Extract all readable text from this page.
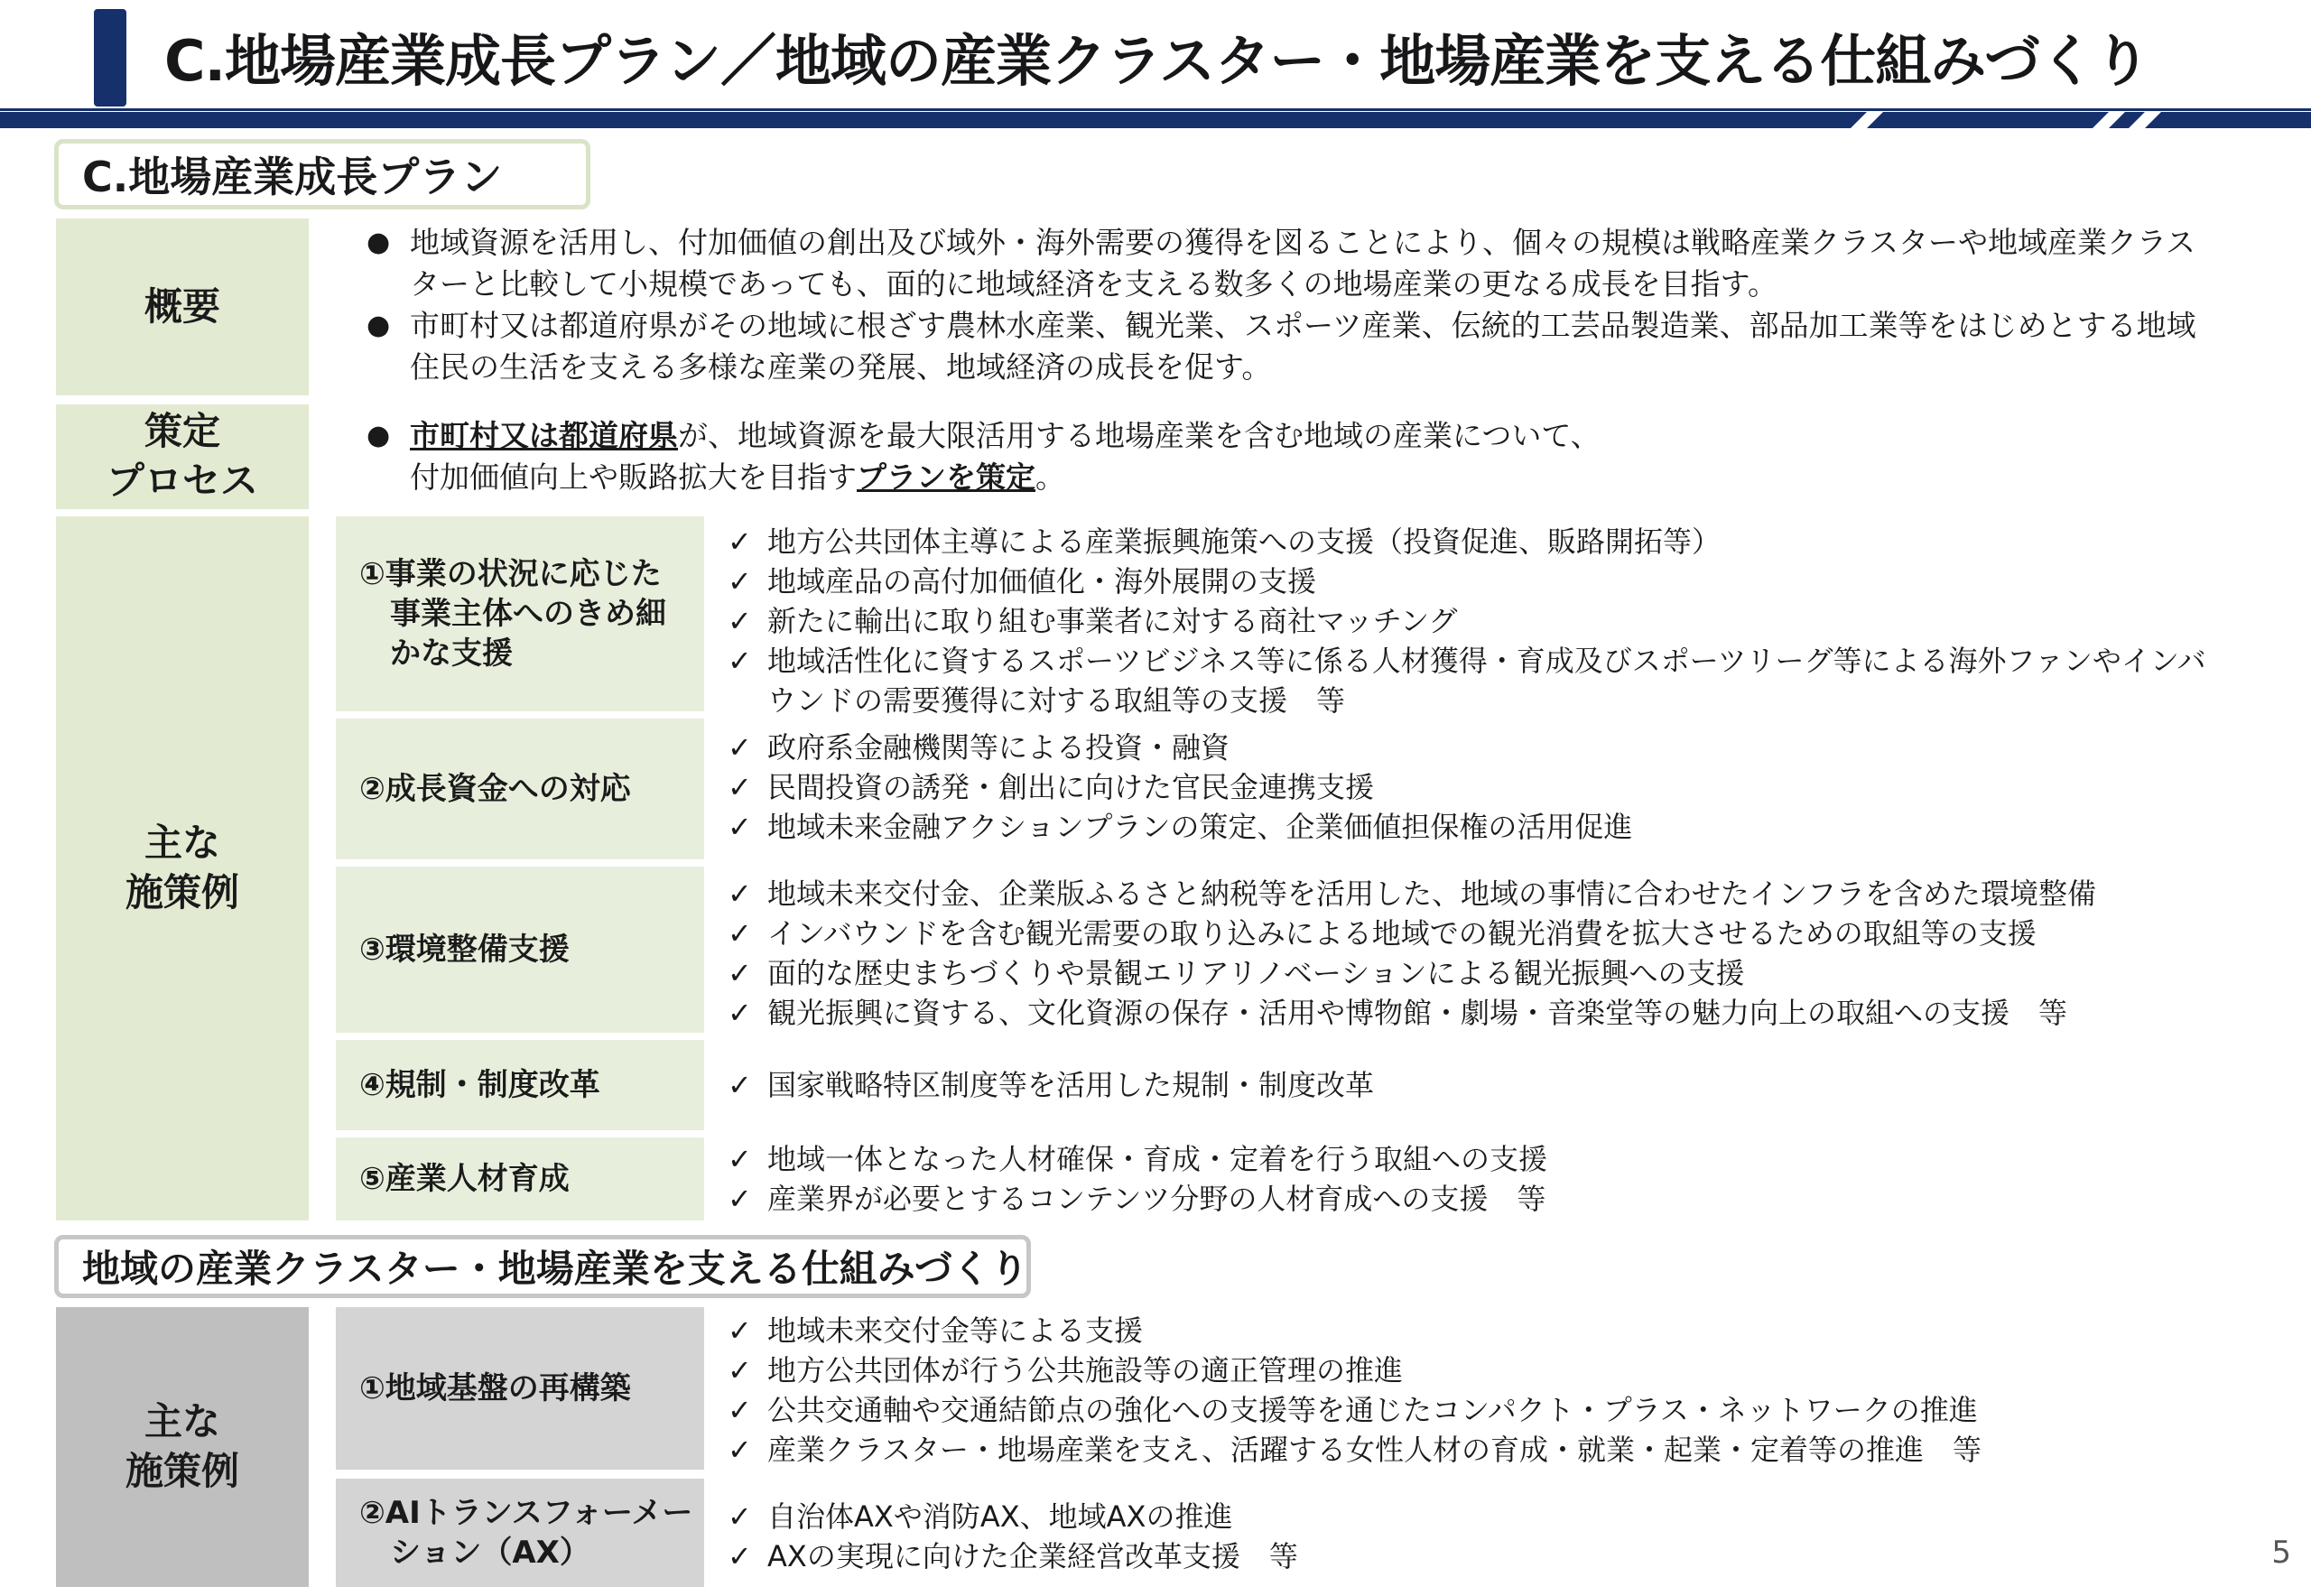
C.地場産業成長プラン／地域の産業クラスター・地場産業を支える仕組みづくり
C.地場産業成長プラン
概要
● 地域資源を活用し、付加価値の創出及び域外・海外需要の獲得を図ることにより、個々の規模は戦略産業クラスターや地域産業クラスターと比較して小規模であっても、面的に地域経済を支える数多くの地場産業の更なる成長を目指す。
● 市町村又は都道府県がその地域に根ざす農林水産業、観光業、スポーツ産業、伝統的工芸品製造業、部品加工業等をはじめとする地域住民の生活を支える多様な産業の発展、地域経済の成長を促す。
策定
プロセス
● 市町村又は都道府県が、地域資源を最大限活用する地場産業を含む地域の産業について、
付加価値向上や販路拡大を目指すプランを策定。
主な
施策例
①事業の状況に応じた
　事業主体へのきめ細
　かな支援
✓ 地方公共団体主導による産業振興施策への支援（投資促進、販路開拓等）
✓ 地域産品の高付加価値化・海外展開の支援
✓ 新たに輸出に取り組む事業者に対する商社マッチング
✓ 地域活性化に資するスポーツビジネス等に係る人材獲得・育成及びスポーツリーグ等による海外ファンやインバウンドの需要獲得に対する取組等の支援　等
②成長資金への対応
✓ 政府系金融機関等による投資・融資
✓ 民間投資の誘発・創出に向けた官民金連携支援
✓ 地域未来金融アクションプランの策定、企業価値担保権の活用促進
③環境整備支援
✓ 地域未来交付金、企業版ふるさと納税等を活用した、地域の事情に合わせたインフラを含めた環境整備
✓ インバウンドを含む観光需要の取り込みによる地域での観光消費を拡大させるための取組等の支援
✓ 面的な歴史まちづくりや景観エリアリノベーションによる観光振興への支援
✓ 観光振興に資する、文化資源の保存・活用や博物館・劇場・音楽堂等の魅力向上の取組への支援　等
④規制・制度改革	✓ 国家戦略特区制度等を活用した規制・制度改革
⑤産業人材育成
✓ 地域一体となった人材確保・育成・定着を行う取組への支援
✓ 産業界が必要とするコンテンツ分野の人材育成への支援　等
地域の産業クラスター・地場産業を支える仕組みづくり
主な
施策例
①地域基盤の再構築
✓ 地域未来交付金等による支援
✓ 地方公共団体が行う公共施設等の適正管理の推進
✓ 公共交通軸や交通結節点の強化への支援等を通じたコンパクト・プラス・ネットワークの推進
✓ 産業クラスター・地場産業を支え、活躍する女性人材の育成・就業・起業・定着等の推進　等
②AIトランスフォーメー
　ション（AX）
✓ 自治体AXや消防AX、地域AXの推進
✓ AXの実現に向けた企業経営改革支援　等	5
